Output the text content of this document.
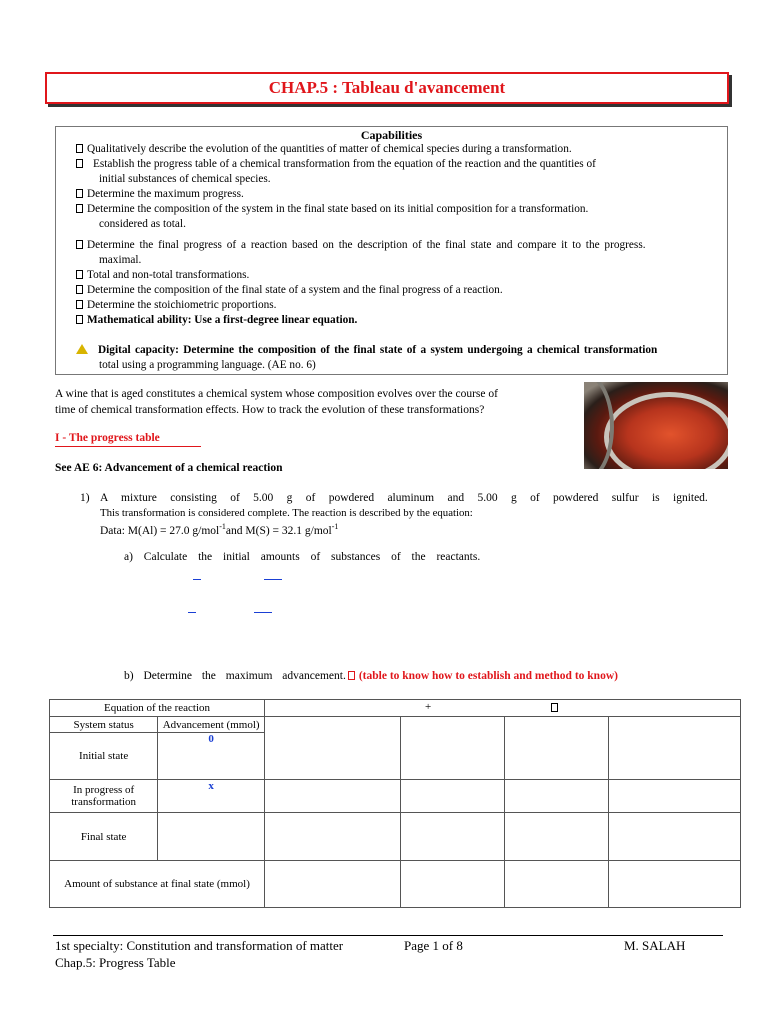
CHAP.5 : Tableau d'avancement
Capabilities
Qualitatively describe the evolution of the quantities of matter of chemical species during a transformation.
Establish the progress table of a chemical transformation from the equation of the reaction and the quantities of
initial substances of chemical species.
Determine the maximum progress.
Determine the composition of the system in the final state based on its initial composition for a transformation.
considered as total.
Determine the final progress of a reaction based on the description of the final state and compare it to the progress.
maximal.
Total and non-total transformations.
Determine the composition of the final state of a system and the final progress of a reaction.
Determine the stoichiometric proportions.
Mathematical ability: Use a first-degree linear equation.
Digital capacity: Determine the composition of the final state of a system undergoing a chemical transformation
total using a programming language. (AE no. 6)
A wine that is aged constitutes a chemical system whose composition evolves over the course of
time of chemical transformation effects. How to track the evolution of these transformations?
I - The progress table
See AE 6: Advancement of a chemical reaction
1) A mixture consisting of 5.00 g of powdered aluminum and 5.00 g of powdered sulfur is ignited.
This transformation is considered complete. The reaction is described by the equation:
Data: M(Al) = 27.0 g/mol$^{-1}$and M(S) = 32.1 g/mol$^{-1}$
a) Calculate the initial amounts of substances of the reactants.
b) Determine the maximum advancement. (table to know how to establish and method to know)
Equation of the reaction		+			

System status	Advancement (mmol)				
Initial state	0				
In progress of transformation	x				
Final state					
Amount of substance at final state (mmol)					
1st specialty: Constitution and transformation of matter	Page 1 of 8	M. SALAH
Chap.5: Progress Table
